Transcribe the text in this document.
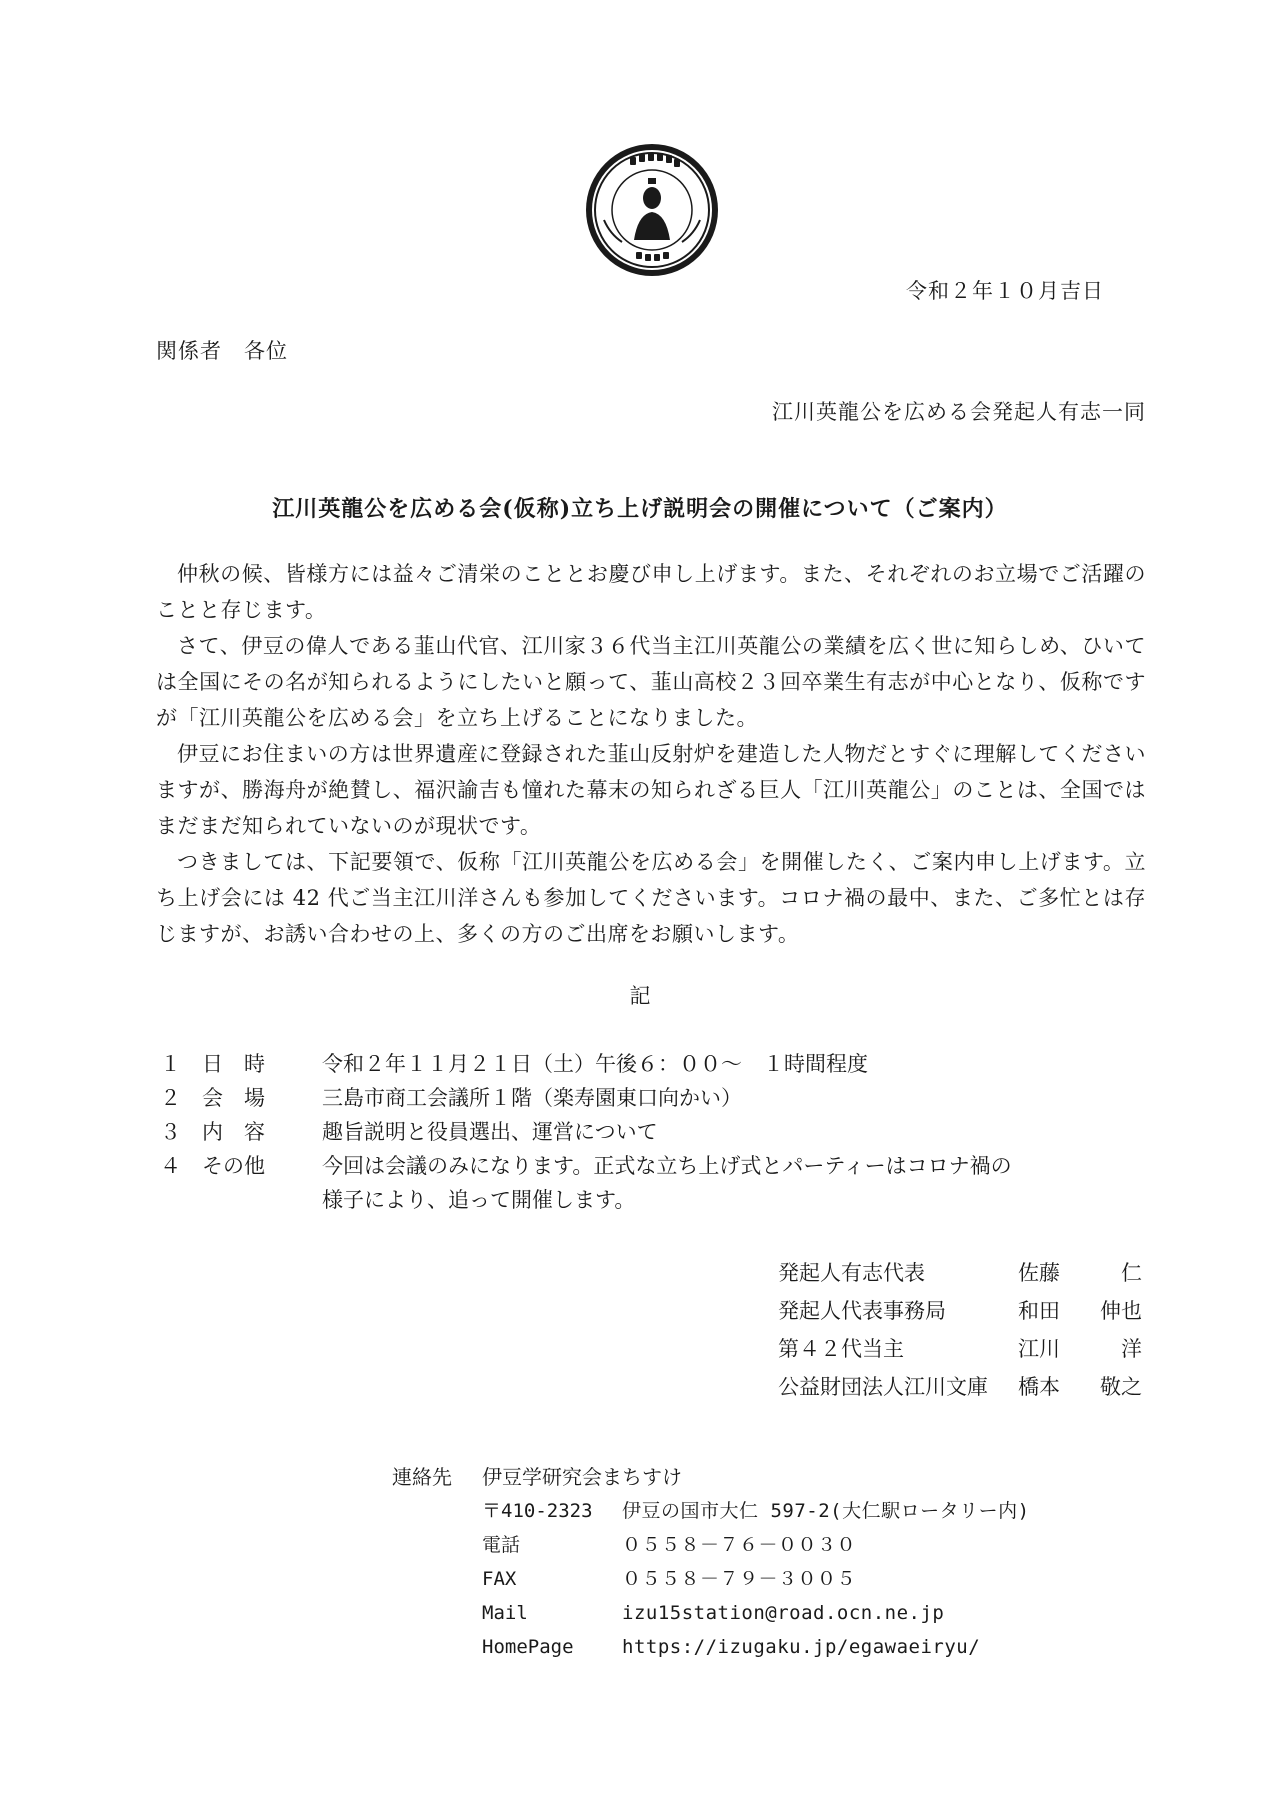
令和２年１０月吉日
関係者　各位
江川英龍公を広める会発起人有志一同
江川英龍公を広める会(仮称)立ち上げ説明会の開催について（ご案内）

仲秋の候、皆様方には益々ご清栄のこととお慶び申し上げます。また、それぞれのお立場でご活躍のことと存じます。

さて、伊豆の偉人である韮山代官、江川家３６代当主江川英龍公の業績を広く世に知らしめ、ひいては全国にその名が知られるようにしたいと願って、韮山高校２３回卒業生有志が中心となり、仮称ですが「江川英龍公を広める会」を立ち上げることになりました。

伊豆にお住まいの方は世界遺産に登録された韮山反射炉を建造した人物だとすぐに理解してくださいますが、勝海舟が絶賛し、福沢諭吉も憧れた幕末の知られざる巨人「江川英龍公」のことは、全国ではまだまだ知られていないのが現状です。

つきましては、下記要領で、仮称「江川英龍公を広める会」を開催したく、ご案内申し上げます。立ち上げ会には 42 代ご当主江川洋さんも参加してくださいます。コロナ禍の最中、また、ご多忙とは存じますが、お誘い合わせの上、多くの方のご出席をお願いします。

記
１	日　時	令和２年１１月２１日（土）午後６：００～　１時間程度
２	会　場	三島市商工会議所１階（楽寿園東口向かい）
３	内　容	趣旨説明と役員選出、運営について
４	その他	今回は会議のみになります。正式な立ち上げ式とパーティーはコロナ禍の
様子により、追って開催します。
発起人有志代表	佐藤	仁
発起人代表事務局	和田 伸也
第４２代当主	江川	洋
公益財団法人江川文庫	橋本 敬之
連絡先	伊豆学研究会まちすけ
〒410-2323	伊豆の国市大仁 597-2(大仁駅ロータリー内)
電話	０５５８－７６－００３０
FAX	０５５８－７９－３００５
Mail	izu15station@road.ocn.ne.jp
HomePage	https://izugaku.jp/egawaeiryu/
